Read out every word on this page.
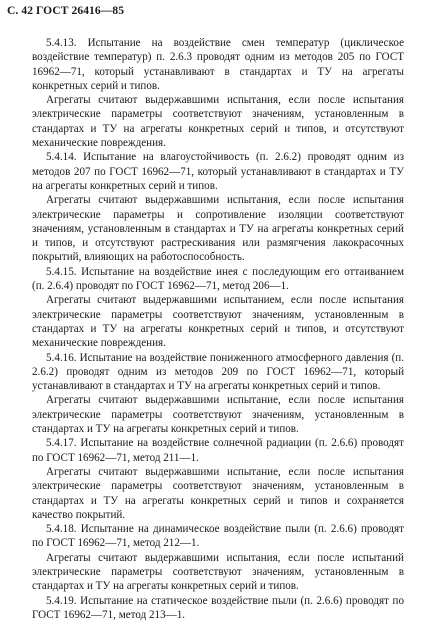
С. 42 ГОСТ 26416—85

5.4.13. Испытание на воздействие смен температур (циклическое воздействие температур) п. 2.6.3 проводят одним из методов 205 по ГОСТ 16962—71, который устанавливают в стандартах и ТУ на агрегаты конкретных серий и типов.

Агрегаты считают выдержавшими испытания, если после испытания электрические параметры соответствуют значениям, установленным в стандартах и ТУ на агрегаты конкретных серий и типов, и отсутствуют механические повреждения.

5.4.14. Испытание на влагоустойчивость (п. 2.6.2) проводят одним из методов 207 по ГОСТ 16962—71, который устанавливают в стандартах и ТУ на агрегаты конкретных серий и типов.

Агрегаты считают выдержавшими испытания, если после испытания электрические параметры и сопротивление изоляции соответствуют значениям, установленным в стандартах и ТУ на агрегаты конкретных серий и типов, и отсутствуют растрескивания или размягчения лакокрасочных покрытий, влияющих на работоспособность.

5.4.15. Испытание на воздействие инея с последующим его оттаиванием (п. 2.6.4) проводят по ГОСТ 16962—71, метод 206—1.

Агрегаты считают выдержавшими испытанием, если после испытания электрические параметры соответствуют значениям, установленным в стандартах и ТУ на агрегаты конкретных серий и типов, и отсутствуют механические повреждения.

5.4.16. Испытание на воздействие пониженного атмосферного давления (п. 2.6.2) проводят одним из методов 209 по ГОСТ 16962—71, который устанавливают в стандартах и ТУ на агрегаты конкретных серий и типов.

Агрегаты считают выдержавшими испытание, если после испытания электрические параметры соответствуют значениям, установленным в стандартах и ТУ на агрегаты конкретных серий и типов.

5.4.17. Испытание на воздействие солнечной радиации (п. 2.6.6) проводят по ГОСТ 16962—71, метод 211—1.

Агрегаты считают выдержавшими испытание, если после испытания электрические параметры соответствуют значениям, установленным в стандартах и ТУ на агрегаты конкретных серий и типов и сохраняется качество покрытий.

5.4.18. Испытание на динамическое воздействие пыли (п. 2.6.6) проводят по ГОСТ 16962—71, метод 212—1.

Агрегаты считают выдержавшими испытания, если после испытаний электрические параметры соответствуют значениям, установленным в стандартах и ТУ на агрегаты конкретных серий и типов.

5.4.19. Испытание на статическое воздействие пыли (п. 2.6.6) проводят по ГОСТ 16962—71, метод 213—1.
